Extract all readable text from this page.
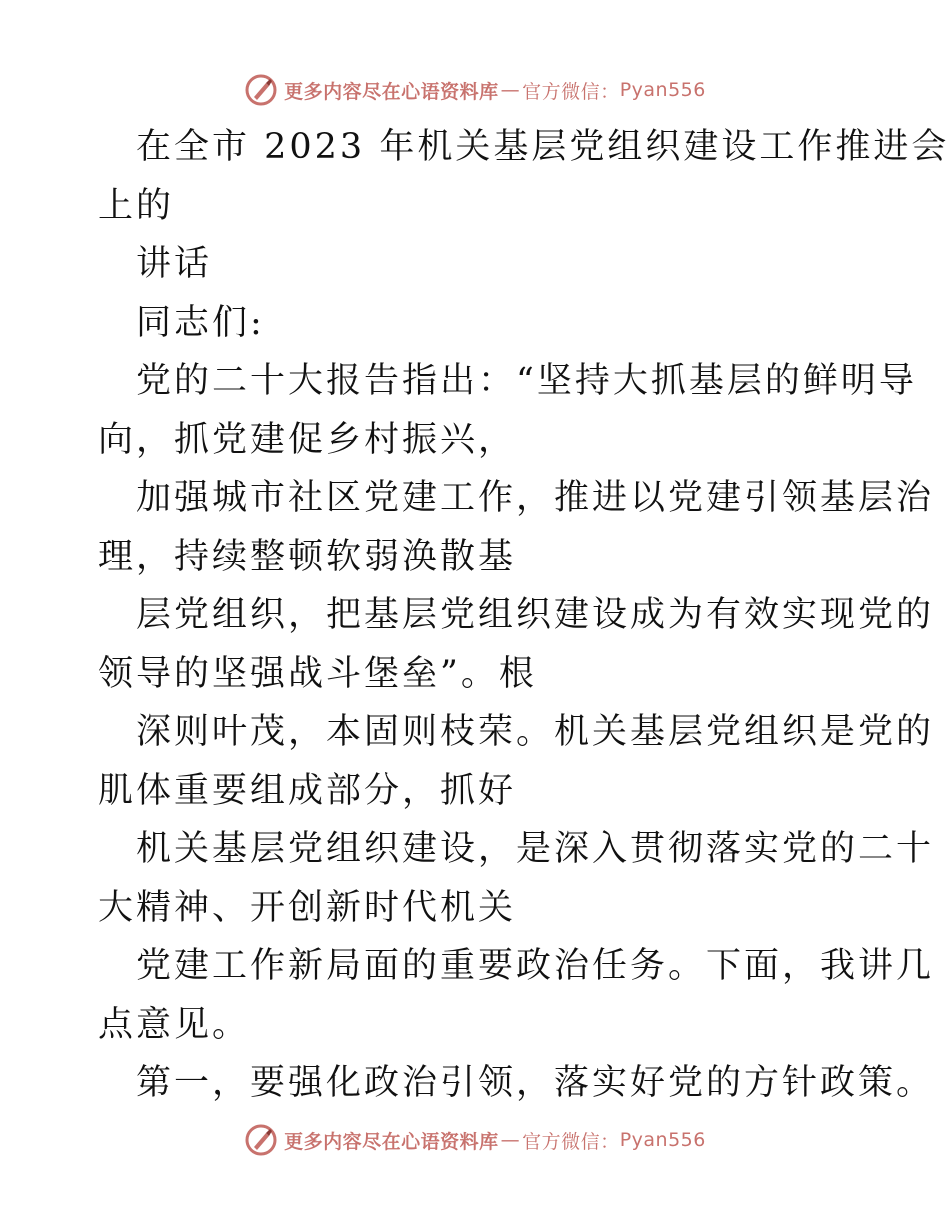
更多内容尽在心语资料库 — 官方微信： Pyan556

在全市 2023 年机关基层党组织建设工作推进会

上的

讲话

同志们:

党的二十大报告指出：“坚持大抓基层的鲜明导

向，抓党建促乡村振兴，

加强城市社区党建工作，推进以党建引领基层治

理，持续整顿软弱涣散基

层党组织，把基层党组织建设成为有效实现党的

领导的坚强战斗堡垒”。根

深则叶茂，本固则枝荣。机关基层党组织是党的

肌体重要组成部分，抓好

机关基层党组织建设，是深入贯彻落实党的二十

大精神、开创新时代机关

党建工作新局面的重要政治任务。下面，我讲几

点意见。

第一，要强化政治引领，落实好党的方针政策。

更多内容尽在心语资料库 — 官方微信： Pyan556
